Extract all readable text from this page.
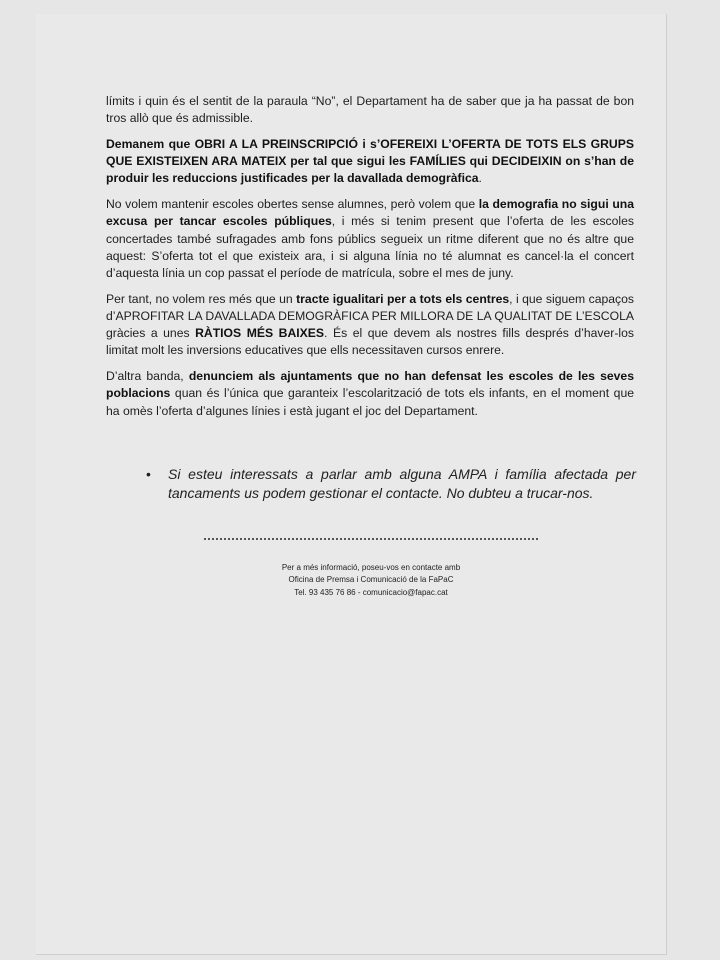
límits i quin és el sentit de la paraula “No”, el Departament ha de saber que ja ha passat de bon tros allò que és admissible.

Demanem que OBRI A LA PREINSCRIPCIÓ i s’OFEREIXI L’OFERTA DE TOTS ELS GRUPS QUE EXISTEIXEN ARA MATEIX per tal que sigui les FAMÍLIES qui DECIDEIXIN on s’han de produir les reduccions justificades per la davallada demogràfica.

No volem mantenir escoles obertes sense alumnes, però volem que la demografia no sigui una excusa per tancar escoles públiques, i més si tenim present que l’oferta de les escoles concertades també sufragades amb fons públics segueix un ritme diferent que no és altre que aquest: S’oferta tot el que existeix ara, i si alguna línia no té alumnat es cancel·la el concert d’aquesta línia un cop passat el període de matrícula, sobre el mes de juny.

Per tant, no volem res més que un tracte igualitari per a tots els centres, i que siguem capaços d’APROFITAR LA DAVALLADA DEMOGRÀFICA PER MILLORA DE LA QUALITAT DE L’ESCOLA gràcies a unes RÀTIOS MÉS BAIXES. És el que devem als nostres fills després d’haver-los limitat molt les inversions educatives que ells necessitaven cursos enrere.

D’altra banda, denunciem als ajuntaments que no han defensat les escoles de les seves poblacions quan és l’única que garanteix l’escolarització de tots els infants, en el moment que ha omès l’oferta d’algunes línies i està jugant el joc del Departament.

• Si esteu interessats a parlar amb alguna AMPA i família afectada per tancaments us podem gestionar el contacte. No dubteu a trucar-nos.
Per a més informació, poseu-vos en contacte amb
Oficina de Premsa i Comunicació de la FaPaC
Tel. 93 435 76 86 - comunicacio@fapac.cat
